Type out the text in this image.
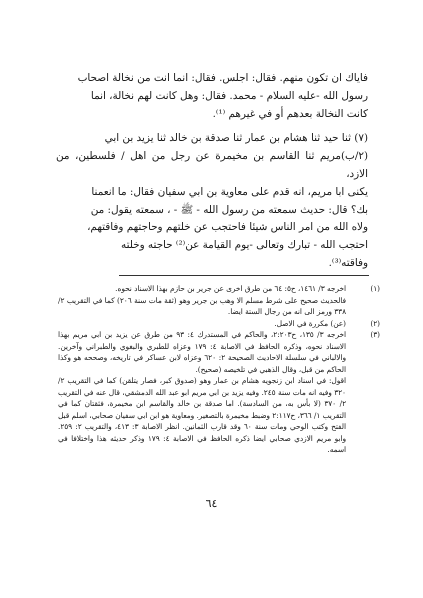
فاياك ان تكون منهم. فقال: اجلس. فقال: انما انت من نخالة اصحاب

رسول الله -عليه السلام - محمد. فقال: وهل كانت لهم نخالة، انما

كانت النخالة بعدهم أو في غيرهم ⁽¹⁾.

(٧) ثنا حيد ثنا هشام بن عمار ثنا صدقة بن خالد ثنا يزيد بن ابي

(٢/ب)مريم ثنا القاسم بن مخيمرة عن رجل من اهل / فلسطين، من الازد،

يكنى ابا مريم، انه قدم على معاوية بن ابي سفيان فقال: ما انعمنا

بك؟ قال: حديث سمعته من رسول الله - ﷺ - ، سمعته يقول: من

ولاه الله من امر الناس شيئا فاحتجب عن خلتهم وحاجتهم وفاقتهم،

احتجب الله - تبارك وتعالى -يوم القيامة عن⁽²⁾ حاجته وخلته

وفاقته⁽³⁾.

(١)

اخرجه ٣/ ١٤٦١، ح٥: ٦٤ من طرق اخرى عن جرير بن حازم بهذا الاسناد نحوه.

فالحديث صحيح على شرط مسلم الا وهب بن جرير وهو (ثقة مات سنة ٢٠٦) كما في التقريب ٢/ ٣٣٨ ورمز الى انه من رجال الستة ايضا.

(٢)

(عن) مكررة في الاصل.

(٣)

اخرجه ٣/ ١٣٥، ح٢:٢٠٣، والحاكم في المستدرك ٤: ٩٣ من طرق عن يزيد بن ابي مريم بهذا الاسناد نحوه، وذكره الحافظ في الاصابة ٤: ١٧٩ وعزاه للطبري والبغوي والطبراني وآخرين. والالباني في سلسلة الاحاديث الصحيحة ٢: ٦٢٠ وعزاه لابن عساكر في تاريخه، وصححه هو وكذا الحاكم من قبل، وقال الذهبي في تلخيصه (صحيح).

اقول: في اسناد ابن زنجويه هشام بن عمار وهو (صدوق كبر، فصار يتلقن) كما في التقريب ٢/ ٣٢٠ وفيه انه مات سنة ٢٤٥. وفيه يزيد بن ابي مريم ابو عبد الله الدمشقي، قال عنه في التقريب ٢/ ٣٧٠ (لا بأس به، من السادسة). اما صدقة بن خالد والقاسم ابن مخيمرة، فثقتان كما في التقريب ١/ ٣٦٦، ح٢:١١٧ وضبط مخيمرة بالتصغير. ومعاوية هو ابن ابي سفيان صحابي، اسلم قبل الفتح وكتب الوحي ومات سنة ٦٠ وقد قارب الثمانين. انظر الاصابة ٣: ٤١٣، والتقريب ٢: ٢٥٩. وابو مريم الازدي صحابي ايضا ذكره الحافظ في الاصابة ٤: ١٧٩ وذكر حديثه هذا واختلافا في اسمه.

٦٤
